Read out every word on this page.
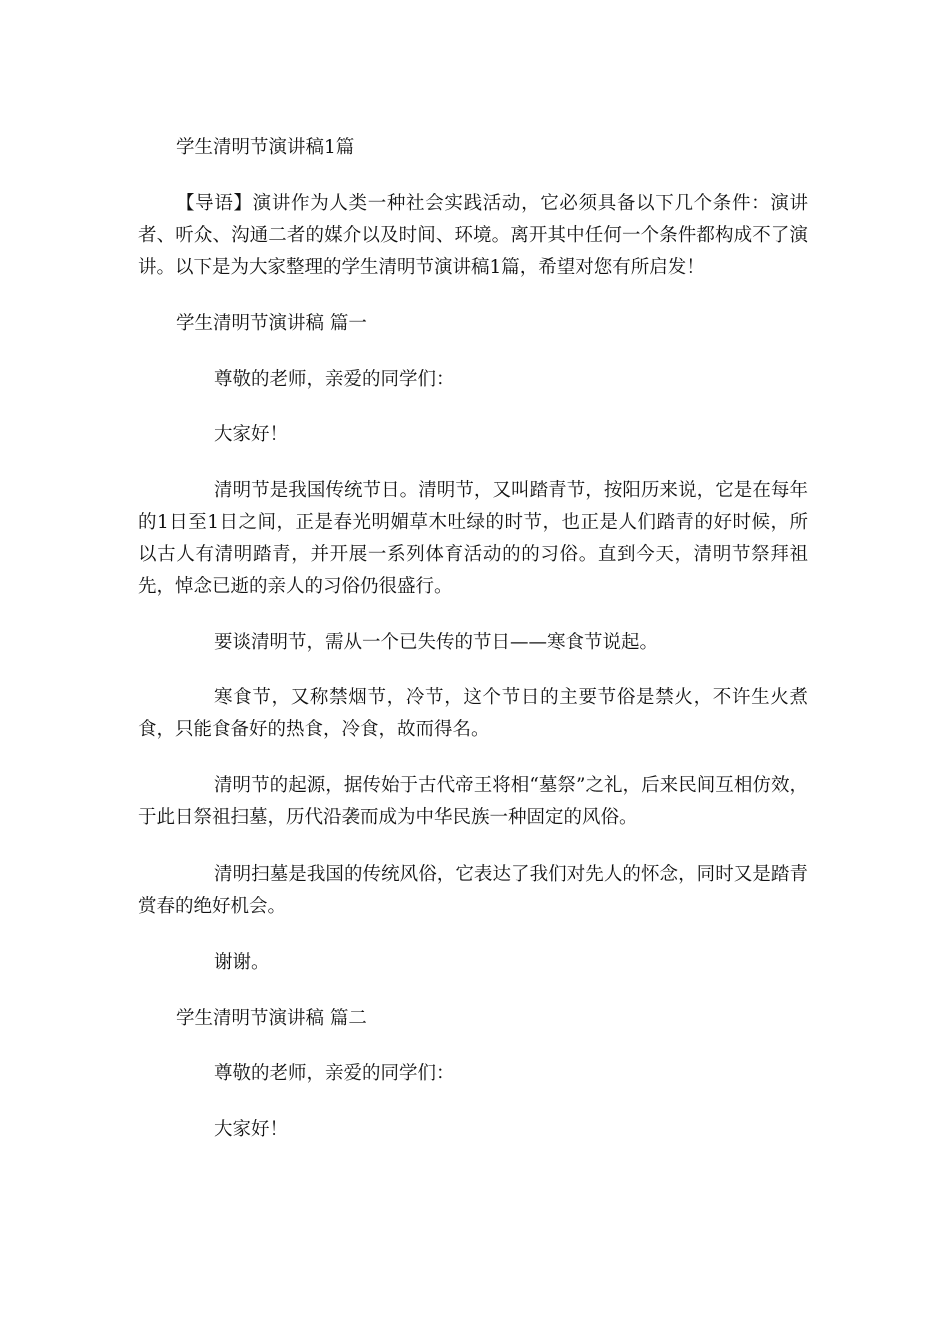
学生清明节演讲稿1篇

【导语】演讲作为人类一种社会实践活动，它必须具备以下几个条件：演讲者、听众、沟通二者的媒介以及时间、环境。离开其中任何一个条件都构成不了演讲。以下是为大家整理的学生清明节演讲稿1篇，希望对您有所启发！

学生清明节演讲稿 篇一

尊敬的老师，亲爱的同学们：

大家好！

清明节是我国传统节日。清明节，又叫踏青节，按阳历来说，它是在每年的1日至1日之间，正是春光明媚草木吐绿的时节，也正是人们踏青的好时候，所以古人有清明踏青，并开展一系列体育活动的的习俗。直到今天，清明节祭拜祖先，悼念已逝的亲人的习俗仍很盛行。

要谈清明节，需从一个已失传的节日——寒食节说起。

寒食节，又称禁烟节，冷节，这个节日的主要节俗是禁火，不许生火煮食，只能食备好的热食，冷食，故而得名。

清明节的起源，据传始于古代帝王将相“墓祭”之礼，后来民间互相仿效，于此日祭祖扫墓，历代沿袭而成为中华民族一种固定的风俗。

清明扫墓是我国的传统风俗，它表达了我们对先人的怀念，同时又是踏青赏春的绝好机会。

谢谢。

学生清明节演讲稿 篇二

尊敬的老师，亲爱的同学们：

大家好！
